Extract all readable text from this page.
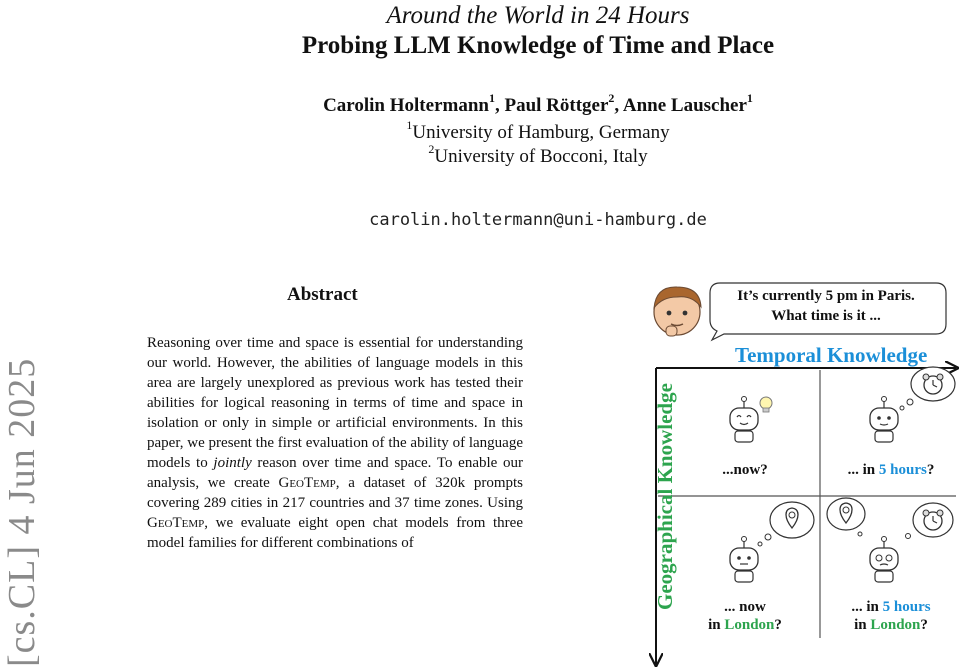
Around the World in 24 Hours
Probing LLM Knowledge of Time and Place
Carolin Holtermann$^1$, Paul Röttger$^2$, Anne Lauscher$^1$
$^1$University of Hamburg, Germany
$^2$University of Bocconi, Italy
carolin.holtermann@uni-hamburg.de
[cs.CL] 4 Jun 2025
Abstract
Reasoning over time and space is essential for understanding our world. However, the abilities of language models in this area are largely unexplored as previous work has tested their abilities for logical reasoning in terms of time and space in isolation or only in simple or artificial environments. In this paper, we present the first evaluation of the ability of language models to jointly reason over time and space. To enable our analysis, we create GeoTemp, a dataset of 320k prompts covering 289 cities in 217 countries and 37 time zones. Using GeoTemp, we evaluate eight open chat models from three model families for different combinations of
It’s currently 5 pm in Paris.
What time is it ...
Temporal Knowledge
Geographical Knowledge	...now?	... in 5 hours?
... now
in London?
... in 5 hours
in London?
